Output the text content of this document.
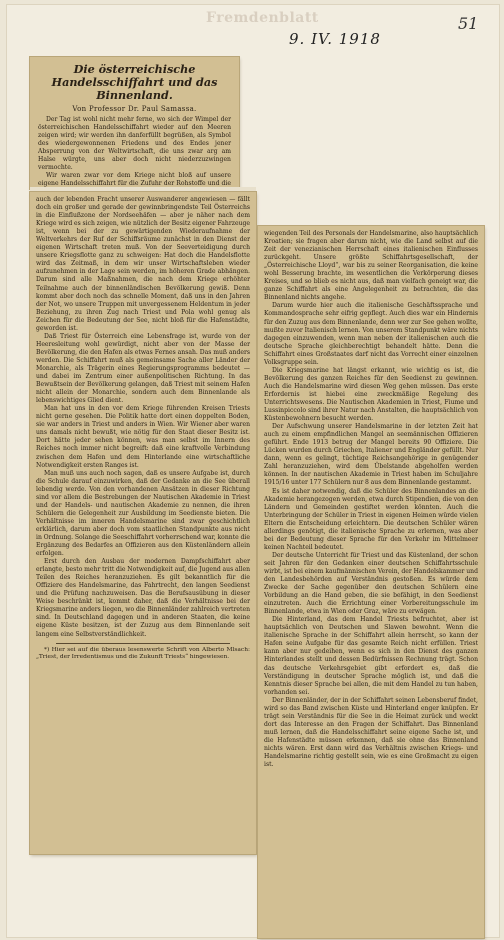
Fremdenblatt	51
9. IV. 1918
Die österreichische Handelsschiffahrt und das Binnenland.
Von Professor Dr. Paul Samassa.

Der Tag ist wohl nicht mehr ferne, wo sich der Wimpel der österreichischen Handelsschiffahrt wieder auf den Meeren zeigen wird; wir werden ihn danferfüllt begrüßen, als Symbol des wiedergewonnenen Friedens und des Endes jener Absperrung von der Weltwirtschaft, die uns zwar arg am Halse würgte, uns aber doch nicht niederzuzwingen vermochte.

Wir waren zwar vor dem Kriege nicht bloß auf unsere eigene Handelsschiffahrt für die Zufuhr der Rohstoffe und die

auch der lebenden Fracht unserer Auswanderer angewiesen — fällt doch ein großer und gerade der gewinnbringendste Teil Österreichs in die Einflußzone der Nordseehäfen — aber je näher nach dem Kriege wird es sich zeigen, wie nützlich der Besitz eigener Fahrzeuge ist, wenn bei der zu gewärtigenden Wiederaufnahme der Weltverkehrs der Ruf der Schiffsräume zunächst in den Dienst der eigenen Wirtschaft treten muß. Von der Seeverteidigung durch unsere Kriegsflotte ganz zu schweigen: Hat doch die Handelsflotte wird das Zeitmaß, in dem wir unser Wirtschaftsleben wieder aufzunehmen in der Lage sein werden, im höheren Grade abhängen. Darum sind alle Maßnahmen, die nach dem Kriege erhöhter Teilnahme auch der binnenländischen Bevölkerung gewiß. Denn kommt aber doch noch das schnelle Moment, daß uns in den Jahren der Not, wo unsere Truppen mit unvergessenem Heldentum in jeder Beziehung, zu ihren Zug nach Triest und Pola wohl genug als Zeichen für die Bedeutung der See, nicht bloß für die Hafenstädte, geworden ist.

Daß Triest für Österreich eine Lebensfrage ist, wurde von der Heeresleitung wohl gewürdigt, nicht aber von der Masse der Bevölkerung, die den Hafen als etwas Fernes ansah. Das muß anders werden. Die Schiffahrt muß als gemeinsame Sache aller Länder der Monarchie, als Trägerin eines Regierungsprogramms bedeutet — und dabei im Zentrum einer außenpolitischen Richtung. In das Bewußtsein der Bevölkerung gelangen, daß Triest mit seinem Hafen nicht allein der Monarchie, sondern auch dem Binnenlande als lebenswichtiges Glied dient.

Man hat uns in den vor dem Kriege führenden Kreisen Triests nicht gerne gesehen. Die Politik hatte dort einen doppelten Boden, sie war anders in Triest und anders in Wien. Wir Wiener aber waren uns damals nicht bewußt, wie nötig für den Staat dieser Besitz ist. Dort hätte jeder sehen können, was man selbst im Innern des Reiches noch immer nicht begreift: daß eine kraftvolle Verbindung zwischen dem Hafen und dem Hinterlande eine wirtschaftliche Notwendigkeit ersten Ranges ist.

Man muß uns auch noch sagen, daß es unsere Aufgabe ist, durch die Schule darauf einzuwirken, daß der Gedanke an die See überall lebendig werde. Von den vorhandenen Ansätzen in dieser Richtung sind vor allem die Bestrebungen der Nautischen Akademie in Triest und der Handels- und nautischen Akademie zu nennen, die ihren Schülern die Gelegenheit zur Ausbildung im Seedienste bieten. Die Verhältnisse im inneren Handelsmarine sind zwar geschichtlich erklärlich, darum aber doch vom staatlichen Standpunkte aus nicht in Ordnung. Solange die Seeschiffahrt vorherrschend war, konnte die Ergänzung des Bedarfes an Offizieren aus den Küstenländern allein erfolgen.

Erst durch den Ausbau der modernen Dampfschiffahrt aber erlangte, besto mehr tritt die Notwendigkeit auf, die Jugend aus allen Teilen des Reiches heranzuziehen. Es gilt bekanntlich für die Offiziere des Handelsmarine, das Fahrtrecht, den langen Seedienst und die Prüfung nachzuweisen. Das die Berufsausübung in dieser Weise beschränkt ist, kommt daher, daß die Verhältnisse bei der Kriegsmarine anders liegen, wo die Binnenländer zahlreich vertreten sind. In Deutschland dagegen und in anderen Staaten, die keine eigene Küste besitzen, ist der Zuzug aus dem Binnenlande seit langem eine Selbstverständlichkeit.

*) Hier sei auf die überaus lesenswerte Schrift von Alberto Mlsach: „Triest, der Irredentismus und die Zukunft Triests“ hingewiesen.

wiegenden Teil des Personals der Handelsmarine, also hauptsächlich Kroatien; sie fragen aber darum nicht, wie die Land selbst auf die Zeit der venezianischen Herrschaft eines italienischen Einflusses zurückgeht. Unsere größte Schiffahrtsgesellschaft, der „Österreichische Lloyd“, war bis zu seiner Reorganisation, die keine wohl Besserung brachte, im wesentlichen die Verkörperung dieses Kreises, und so blieb es nicht aus, daß man vielfach geneigt war, die ganze Schiffahrt als eine Angelegenheit zu betrachten, die das Binnenland nichts angehe.

Darum wurde hier auch die italienische Geschäftssprache und Kommandosprache sehr eifrig gepflegt. Auch dies war ein Hindernis für den Zuzug aus dem Binnenlande, denn wer zur See gehen wollte, mußte zuvor Italienisch lernen. Von unserem Standpunkt wäre nichts dagegen einzuwenden, wenn man neben der italienischen auch die deutsche Sprache gleichberechtigt behandelt hätte. Denn die Schiffahrt eines Großstaates darf nicht das Vorrecht einer einzelnen Volksgruppe sein.

Die Kriegsmarine hat längst erkannt, wie wichtig es ist, die Bevölkerung des ganzen Reiches für den Seedienst zu gewinnen. Auch die Handelsmarine wird diesen Weg gehen müssen. Das erste Erfordernis ist hiebei eine zweckmäßige Regelung des Unterrichtswesens. Die Nautischen Akademien in Triest, Fiume und Lussinpiccolo sind ihrer Natur nach Anstalten, die hauptsächlich von Küstenbewohnern besucht werden.

Der Aufschwung unserer Handelsmarine in der letzten Zeit hat auch zu einem empfindlichen Mangel an seemännischen Offizieren geführt. Ende 1913 betrug der Mangel bereits 90 Offiziere. Die Lücken wurden durch Griechen, Italiener und Engländer gefüllt. Nur dann, wenn es gelingt, tüchtige Reichsangehörige in genügender Zahl heranzuziehen, wird dem Übelstande abgeholfen werden können. In der nautischen Akademie in Triest haben im Schuljahre 1915/16 unter 177 Schülern nur 8 aus dem Binnenlande gestammt.

Es ist daher notwendig, daß die Schüler des Binnenlandes an die Akademie herangezogen werden, etwa durch Stipendien, die von den Ländern und Gemeinden gestiftet werden könnten. Auch die Unterbringung der Schüler in Triest in eigenen Heimen würde vielen Eltern die Entscheidung erleichtern. Die deutschen Schüler wären allerdings genötigt, die italienische Sprache zu erlernen, was aber bei der Bedeutung dieser Sprache für den Verkehr im Mittelmeer keinen Nachteil bedeutet.

Der deutsche Unterricht für Triest und das Küstenland, der schon seit Jahren für den Gedanken einer deutschen Schiffahrtsschule wirbt, ist bei einem kaufmännischen Verein, der Handelskammer und den Landesbehörden auf Verständnis gestoßen. Es würde dem Zwecke der Sache gegenüber den deutschen Schülern eine Vorbildung an die Hand geben, die sie befähigt, in den Seedienst einzutreten. Auch die Errichtung einer Vorbereitungsschule im Binnenlande, etwa in Wien oder Graz, wäre zu erwägen.

Die Hinterland, das dem Handel Triests befruchtet, aber ist hauptsächlich von Deutschen und Slawen bewohnt. Wenn die italienische Sprache in der Schiffahrt allein herrscht, so kann der Hafen seine Aufgabe für das gesamte Reich nicht erfüllen. Triest kann aber nur gedeihen, wenn es sich in den Dienst des ganzen Hinterlandes stellt und dessen Bedürfnissen Rechnung trägt. Schon das deutsche Verkehrsgebiet gibt erfordert es, daß die Verständigung in deutscher Sprache möglich ist, und daß die Kenntnis dieser Sprache bei allen, die mit dem Handel zu tun haben, vorhanden sei.

Der Binnenländer, der in der Schiffahrt seinen Lebensberuf findet, wird so das Band zwischen Küste und Hinterland enger knüpfen. Er trägt sein Verständnis für die See in die Heimat zurück und weckt dort das Interesse an den Fragen der Schiffahrt. Das Binnenland muß lernen, daß die Handelsschiffahrt seine eigene Sache ist, und die Hafenstädte müssen erkennen, daß sie ohne das Binnenland nichts wären. Erst dann wird das Verhältnis zwischen Kriegs- und Handelsmarine richtig gestellt sein, wie es eine Großmacht zu eigen ist.
